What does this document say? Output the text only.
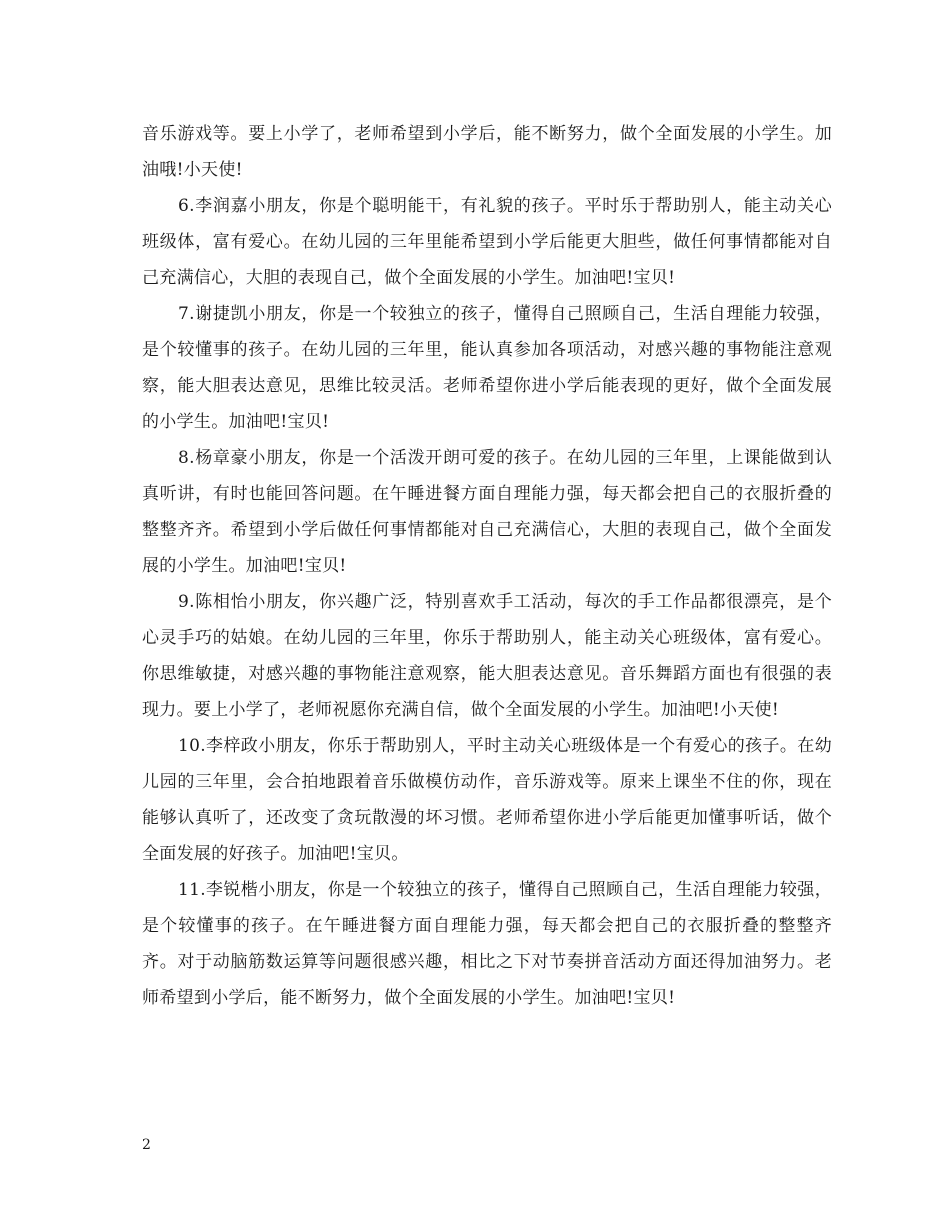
音乐游戏等。要上小学了，老师希望到小学后，能不断努力，做个全面发展的小学生。加油哦!小天使!

6.李润嘉小朋友，你是个聪明能干，有礼貌的孩子。平时乐于帮助别人，能主动关心班级体，富有爱心。在幼儿园的三年里能希望到小学后能更大胆些，做任何事情都能对自己充满信心，大胆的表现自己，做个全面发展的小学生。加油吧!宝贝!

7.谢捷凯小朋友，你是一个较独立的孩子，懂得自己照顾自己，生活自理能力较强，是个较懂事的孩子。在幼儿园的三年里，能认真参加各项活动，对感兴趣的事物能注意观察，能大胆表达意见，思维比较灵活。老师希望你进小学后能表现的更好，做个全面发展的小学生。加油吧!宝贝!

8.杨章豪小朋友，你是一个活泼开朗可爱的孩子。在幼儿园的三年里，上课能做到认真听讲，有时也能回答问题。在午睡进餐方面自理能力强，每天都会把自己的衣服折叠的整整齐齐。希望到小学后做任何事情都能对自己充满信心，大胆的表现自己，做个全面发展的小学生。加油吧!宝贝!

9.陈相怡小朋友，你兴趣广泛，特别喜欢手工活动，每次的手工作品都很漂亮，是个心灵手巧的姑娘。在幼儿园的三年里，你乐于帮助别人，能主动关心班级体，富有爱心。你思维敏捷，对感兴趣的事物能注意观察，能大胆表达意见。音乐舞蹈方面也有很强的表现力。要上小学了，老师祝愿你充满自信，做个全面发展的小学生。加油吧!小天使!

10.李梓政小朋友，你乐于帮助别人，平时主动关心班级体是一个有爱心的孩子。在幼儿园的三年里，会合拍地跟着音乐做模仿动作，音乐游戏等。原来上课坐不住的你，现在能够认真听了，还改变了贪玩散漫的坏习惯。老师希望你进小学后能更加懂事听话，做个全面发展的好孩子。加油吧!宝贝。

11.李锐楷小朋友，你是一个较独立的孩子，懂得自己照顾自己，生活自理能力较强，是个较懂事的孩子。在午睡进餐方面自理能力强，每天都会把自己的衣服折叠的整整齐齐。对于动脑筋数运算等问题很感兴趣，相比之下对节奏拼音活动方面还得加油努力。老师希望到小学后，能不断努力，做个全面发展的小学生。加油吧!宝贝!

2
